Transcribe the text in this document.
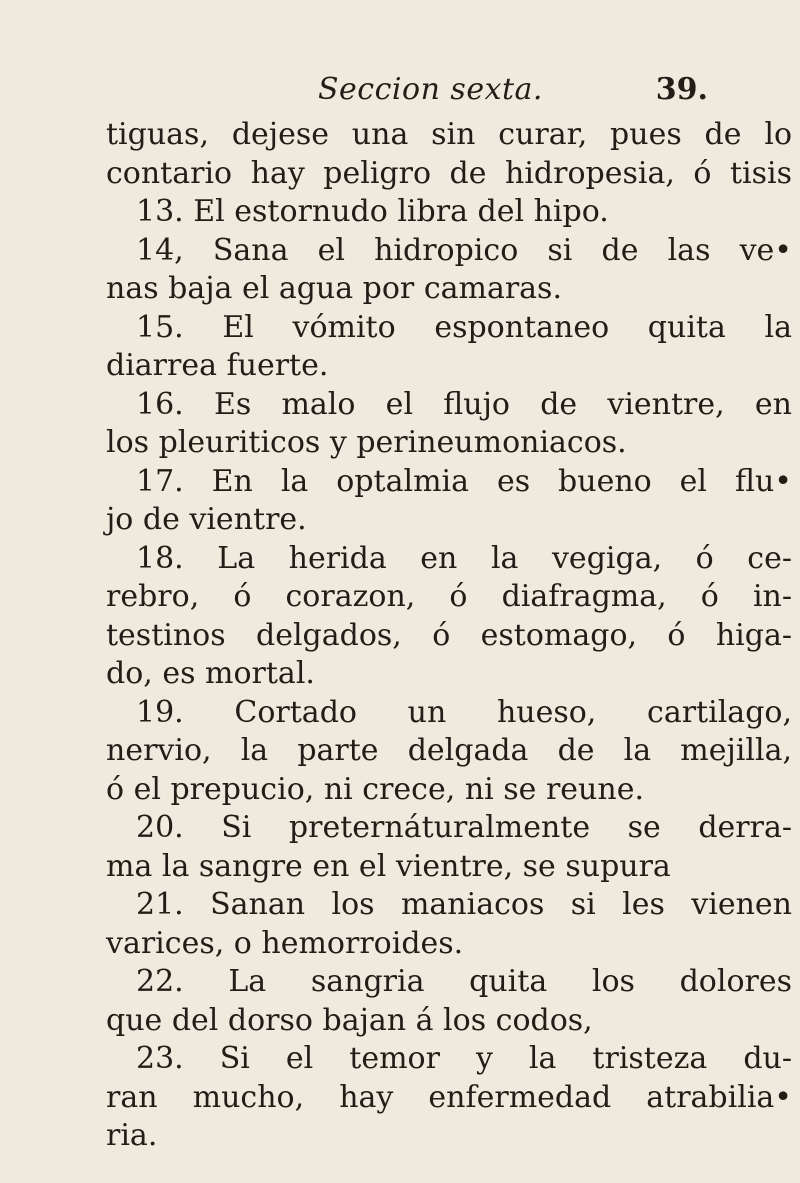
Seccion sexta.	39.
tiguas, dejese una sin curar, pues de lo
contario hay peligro de hidropesia, ó tisis
13. El estornudo libra del hipo.
14, Sana el hidropico si de las ve•
nas baja el agua por camaras.
15. El vómito espontaneo quita la
diarrea fuerte.
16. Es malo el flujo de vientre, en
los pleuriticos y perineumoniacos.
17. En la optalmia es bueno el flu•
jo de vientre.
18. La herida en la vegiga, ó ce-
rebro, ó corazon, ó diafragma, ó in-
testinos delgados, ó estomago, ó higa-
do, es mortal.
19. Cortado un hueso, cartilago,
nervio, la parte delgada de la mejilla,
ó el prepucio, ni crece, ni se reune.
20. Si preternáturalmente se derra-
ma la sangre en el vientre, se supura
21. Sanan los maniacos si les vienen
varices, o hemorroides.
22. La sangria quita los dolores
que del dorso bajan á los codos,
23. Si el temor y la tristeza du-
ran mucho, hay enfermedad atrabilia•
ria.
